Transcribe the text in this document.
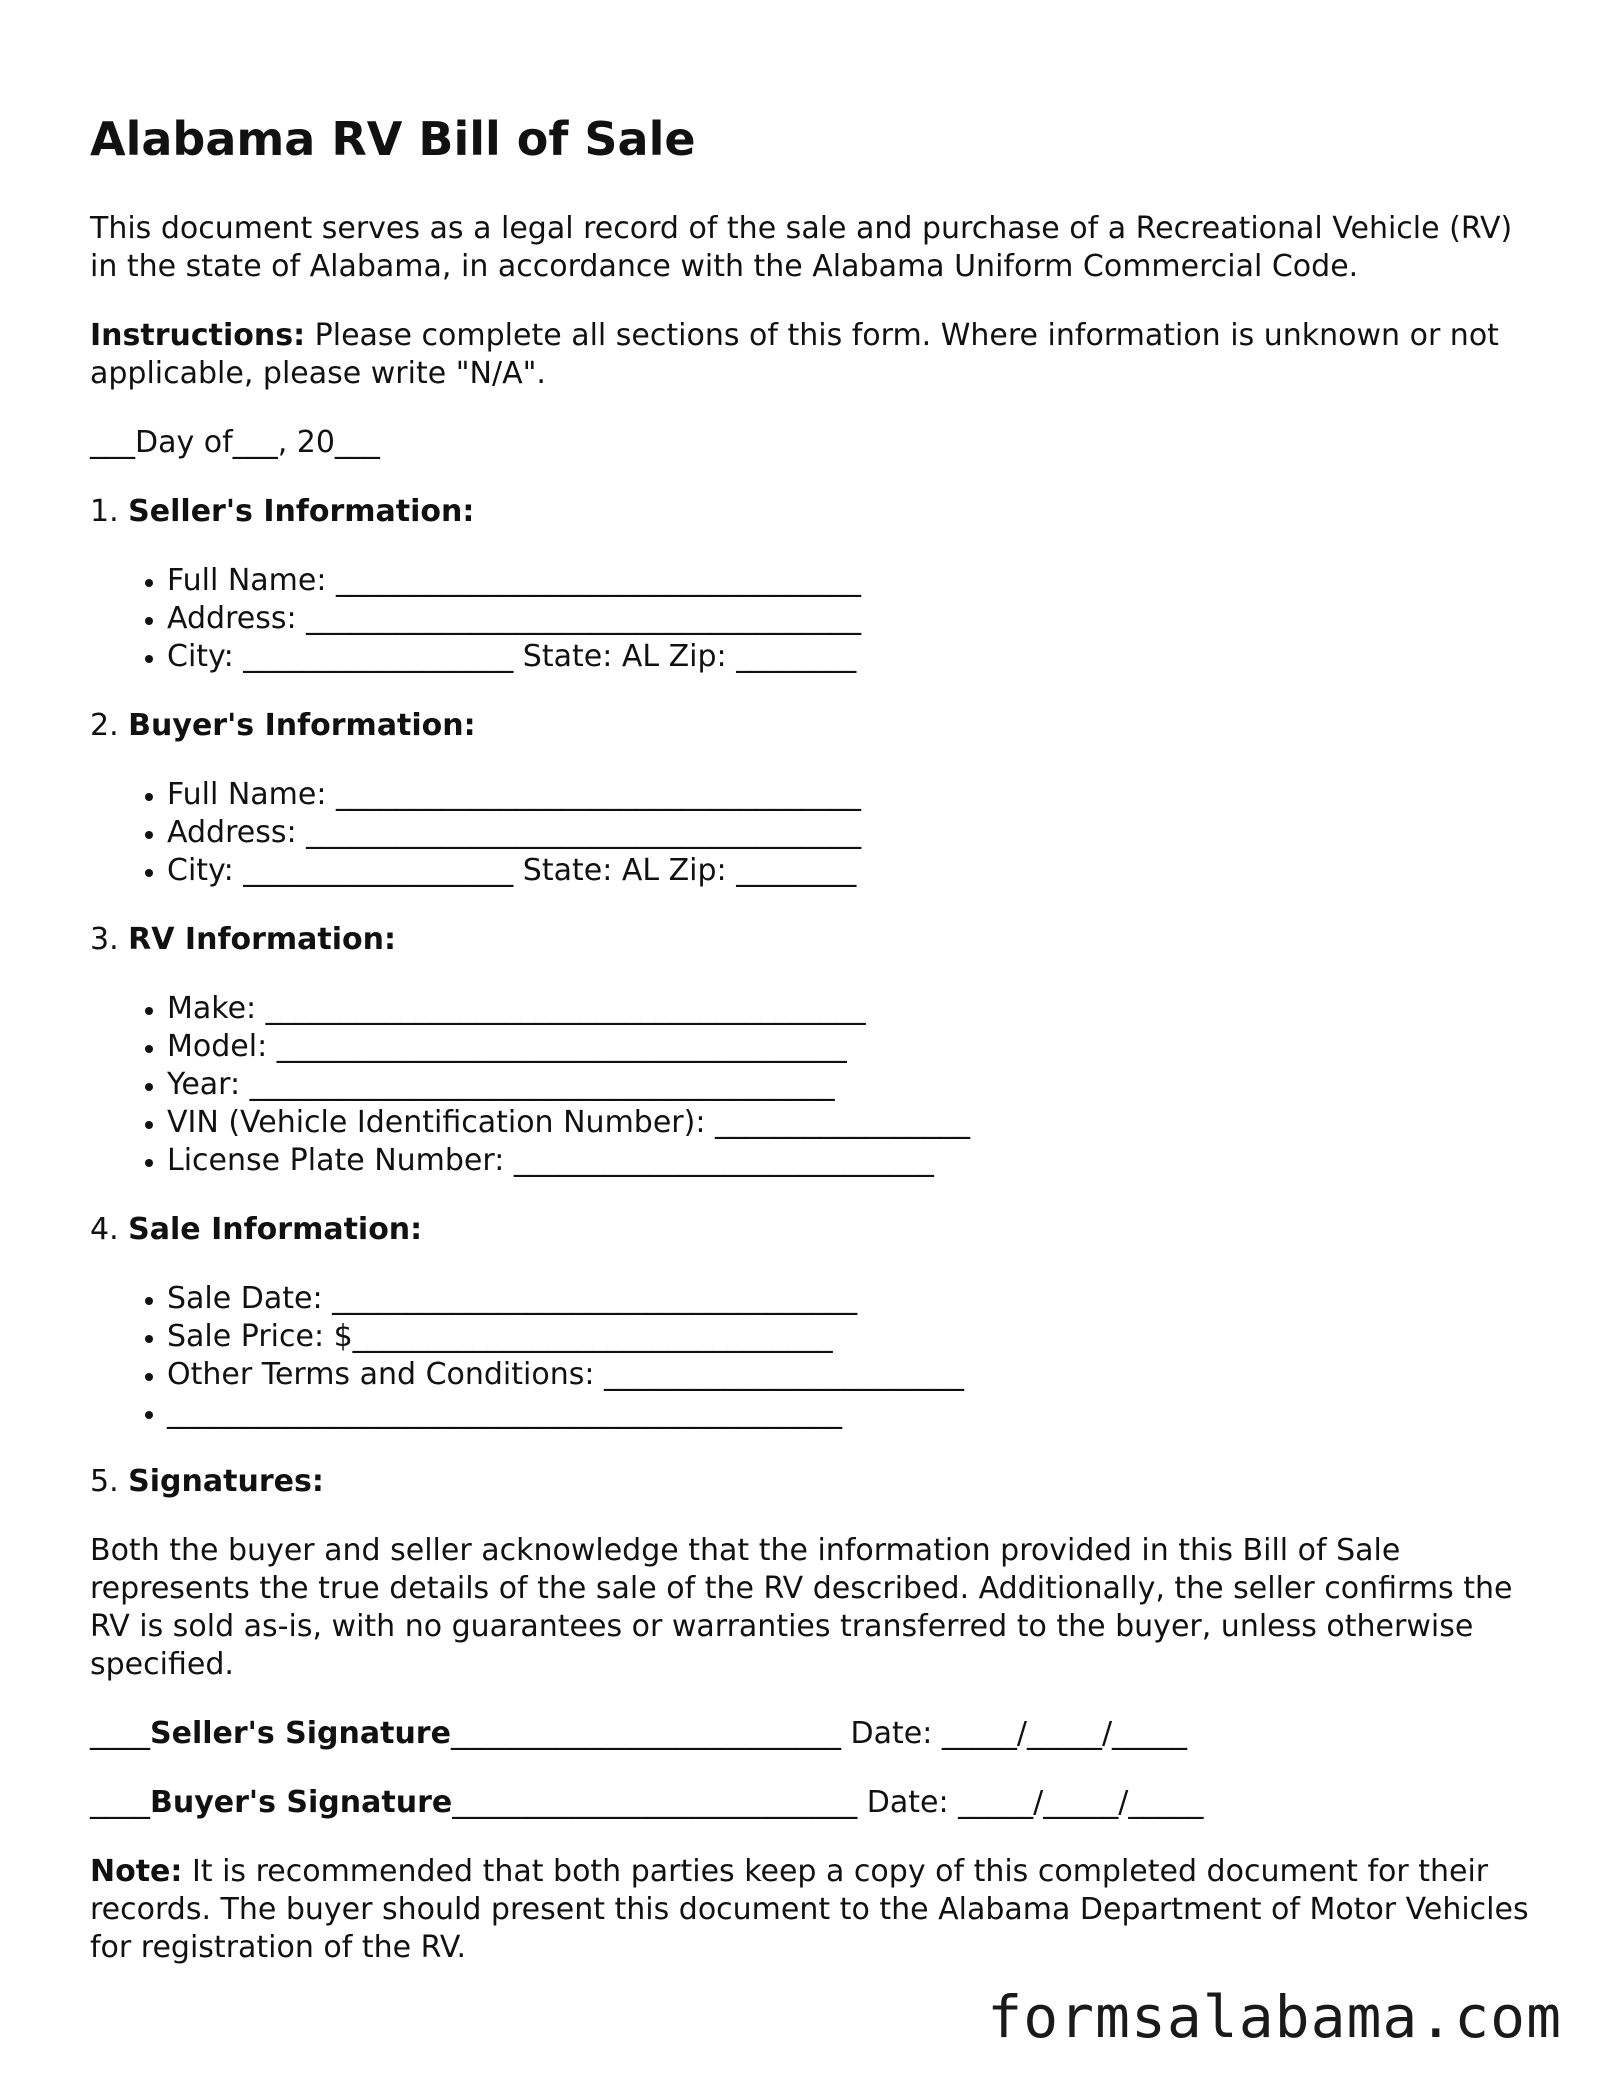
Alabama RV Bill of Sale

This document serves as a legal record of the sale and purchase of a Recreational Vehicle (RV) in the state of Alabama, in accordance with the Alabama Uniform Commercial Code.

Instructions: Please complete all sections of this form. Where information is unknown or not applicable, please write "N/A".

___Day of___, 20___

1. Seller's Information:
• Full Name: ___________________________________
• Address: _____________________________________
• City: __________________ State: AL Zip: ________
2. Buyer's Information:
• Full Name: ___________________________________
• Address: _____________________________________
• City: __________________ State: AL Zip: ________
3. RV Information:
• Make: ________________________________________
• Model: ______________________________________
• Year: _______________________________________
• VIN (Vehicle Identification Number): _________________
• License Plate Number: ____________________________
4. Sale Information:
• Sale Date: ___________________________________
• Sale Price: $________________________________
• Other Terms and Conditions: ________________________
• _____________________________________________
5. Signatures:

Both the buyer and seller acknowledge that the information provided in this Bill of Sale represents the true details of the sale of the RV described. Additionally, the seller confirms the RV is sold as-is, with no guarantees or warranties transferred to the buyer, unless otherwise specified.

____Seller's Signature__________________________ Date: _____/_____/_____
____Buyer's Signature___________________________ Date: _____/_____/_____

Note: It is recommended that both parties keep a copy of this completed document for their records. The buyer should present this document to the Alabama Department of Motor Vehicles for registration of the RV.

formsalabama.com
